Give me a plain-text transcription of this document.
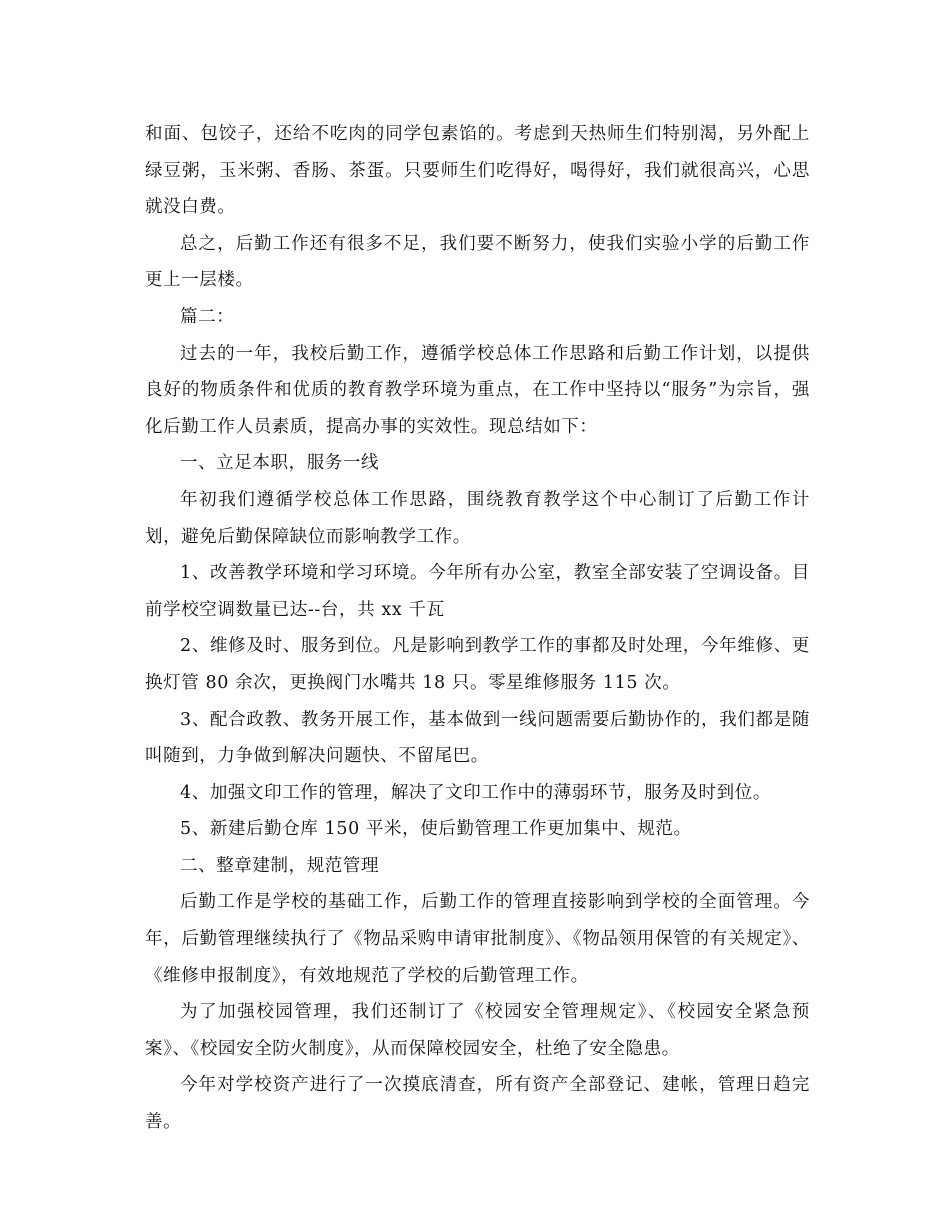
和面、包饺子，还给不吃肉的同学包素馅的。考虑到天热师生们特别渴，另外配上绿豆粥，玉米粥、香肠、茶蛋。只要师生们吃得好，喝得好，我们就很高兴，心思就没白费。

总之，后勤工作还有很多不足，我们要不断努力，使我们实验小学的后勤工作更上一层楼。

篇二：

过去的一年，我校后勤工作，遵循学校总体工作思路和后勤工作计划，以提供良好的物质条件和优质的教育教学环境为重点，在工作中坚持以“服务”为宗旨，强化后勤工作人员素质，提高办事的实效性。现总结如下：

一、立足本职，服务一线

年初我们遵循学校总体工作思路，围绕教育教学这个中心制订了后勤工作计划，避免后勤保障缺位而影响教学工作。

1、改善教学环境和学习环境。今年所有办公室，教室全部安装了空调设备。目前学校空调数量已达--台，共 xx 千瓦

2、维修及时、服务到位。凡是影响到教学工作的事都及时处理，今年维修、更换灯管 80 余次，更换阀门水嘴共 18 只。零星维修服务 115 次。

3、配合政教、教务开展工作，基本做到一线问题需要后勤协作的，我们都是随叫随到，力争做到解决问题快、不留尾巴。

4、加强文印工作的管理，解决了文印工作中的薄弱环节，服务及时到位。

5、新建后勤仓库 150 平米，使后勤管理工作更加集中、规范。

二、整章建制，规范管理

后勤工作是学校的基础工作，后勤工作的管理直接影响到学校的全面管理。今年，后勤管理继续执行了《物品采购申请审批制度》、《物品领用保管的有关规定》、《维修申报制度》，有效地规范了学校的后勤管理工作。

为了加强校园管理，我们还制订了《校园安全管理规定》、《校园安全紧急预案》、《校园安全防火制度》，从而保障校园安全，杜绝了安全隐患。

今年对学校资产进行了一次摸底清查，所有资产全部登记、建帐，管理日趋完善。
